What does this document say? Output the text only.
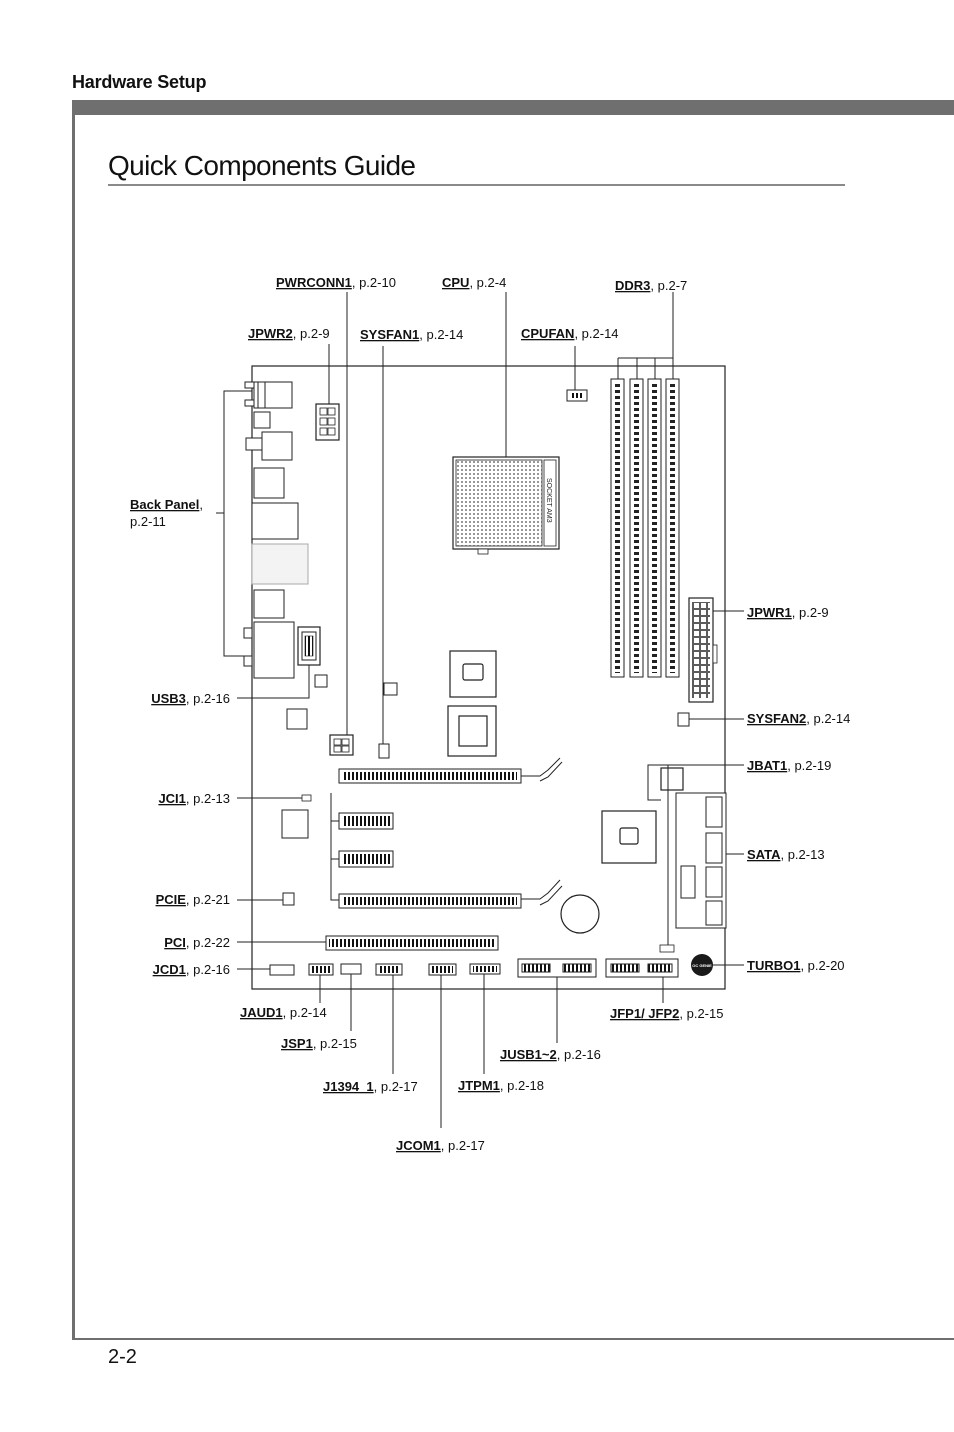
Hardware Setup
Quick Components Guide
2-2
SOCKET AM3
OC GENIE
PWRCONN1, p.2-10	CPU, p.2-4	DDR3, p.2-7
JPWR2, p.2-9 SYSFAN1, p.2-14	CPUFAN, p.2-14
Back Panel,
p.2-11
JPWR1, p.2-9
USB3, p.2-16
SYSFAN2, p.2-14
JBAT1, p.2-19
JCI1, p.2-13
SATA, p.2-13
PCIE, p.2-21
PCI, p.2-22
TURBO1, p.2-20
JCD1, p.2-16
JAUD1, p.2-14	JFP1/ JFP2, p.2-15
JSP1, p.2-15
JUSB1~2, p.2-16
J1394_1, p.2-17	JTPM1, p.2-18
JCOM1, p.2-17
